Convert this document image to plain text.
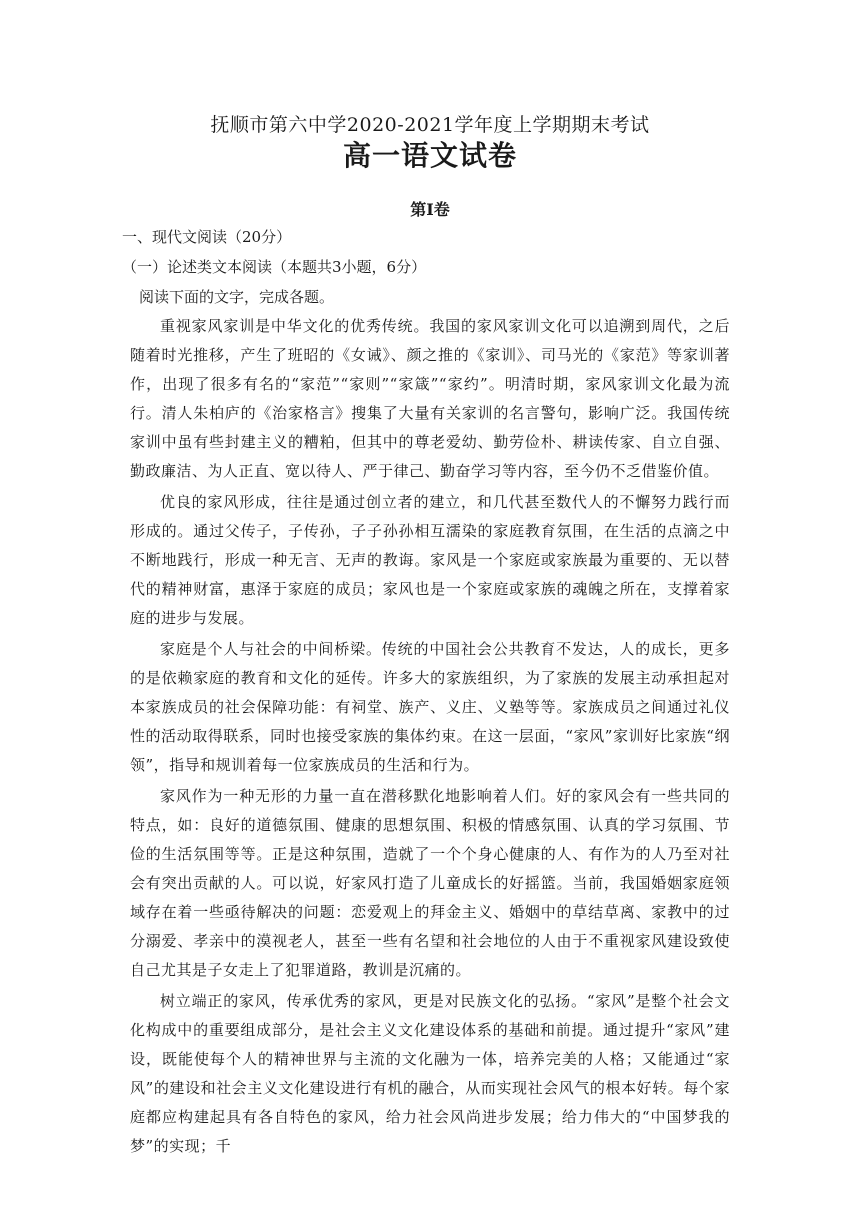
抚顺市第六中学2020-2021学年度上学期期末考试
高一语文试卷
第Ⅰ卷
一、现代文阅读（20分）
（一）论述类文本阅读（本题共3小题，6分）
阅读下面的文字，完成各题。

重视家风家训是中华文化的优秀传统。我国的家风家训文化可以追溯到周代，之后随着时光推移，产生了班昭的《女诫》、颜之推的《家训》、司马光的《家范》等家训著作，出现了很多有名的“家范”“家则”“家箴”“家约”。明清时期，家风家训文化最为流行。清人朱柏庐的《治家格言》搜集了大量有关家训的名言警句，影响广泛。我国传统家训中虽有些封建主义的糟粕，但其中的尊老爱幼、勤劳俭朴、耕读传家、自立自强、勤政廉洁、为人正直、宽以待人、严于律己、勤奋学习等内容，至今仍不乏借鉴价值。

优良的家风形成，往往是通过创立者的建立，和几代甚至数代人的不懈努力践行而形成的。通过父传子，子传孙，子子孙孙相互濡染的家庭教育氛围，在生活的点滴之中不断地践行，形成一种无言、无声的教诲。家风是一个家庭或家族最为重要的、无以替代的精神财富，惠泽于家庭的成员；家风也是一个家庭或家族的魂魄之所在，支撑着家庭的进步与发展。

家庭是个人与社会的中间桥梁。传统的中国社会公共教育不发达，人的成长，更多的是依赖家庭的教育和文化的延传。许多大的家族组织，为了家族的发展主动承担起对本家族成员的社会保障功能：有祠堂、族产、义庄、义塾等等。家族成员之间通过礼仪性的活动取得联系，同时也接受家族的集体约束。在这一层面，“家风”家训好比家族“纲领”，指导和规训着每一位家族成员的生活和行为。

家风作为一种无形的力量一直在潜移默化地影响着人们。好的家风会有一些共同的特点，如：良好的道德氛围、健康的思想氛围、积极的情感氛围、认真的学习氛围、节俭的生活氛围等等。正是这种氛围，造就了一个个身心健康的人、有作为的人乃至对社会有突出贡献的人。可以说，好家风打造了儿童成长的好摇篮。当前，我国婚姻家庭领域存在着一些亟待解决的问题：恋爱观上的拜金主义、婚姻中的草结草离、家教中的过分溺爱、孝亲中的漠视老人，甚至一些有名望和社会地位的人由于不重视家风建设致使自己尤其是子女走上了犯罪道路，教训是沉痛的。

树立端正的家风，传承优秀的家风，更是对民族文化的弘扬。“家风”是整个社会文化构成中的重要组成部分，是社会主义文化建设体系的基础和前提。通过提升“家风”建设，既能使每个人的精神世界与主流的文化融为一体，培养完美的人格；又能通过“家风”的建设和社会主义文化建设进行有机的融合，从而实现社会风气的根本好转。每个家庭都应构建起具有各自特色的家风，给力社会风尚进步发展；给力伟大的“中国梦我的梦”的实现；千
